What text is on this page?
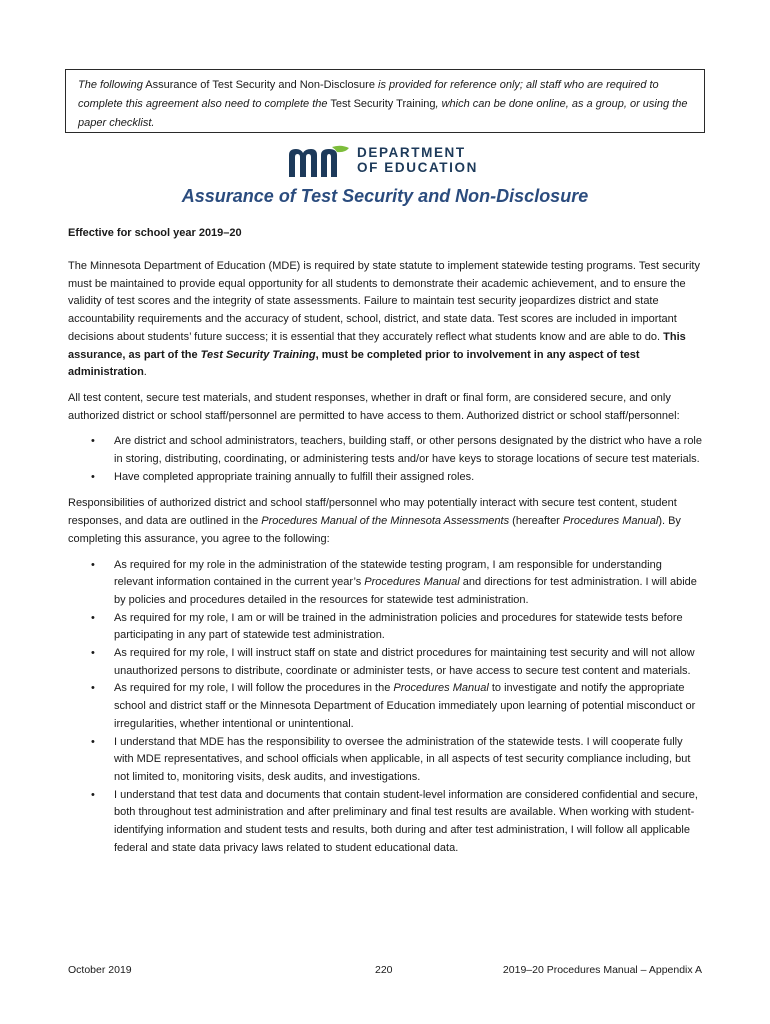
The following Assurance of Test Security and Non-Disclosure is provided for reference only; all staff who are required to complete this agreement also need to complete the Test Security Training, which can be done online, as a group, or using the paper checklist.
DEPARTMENT
OF EDUCATION
Assurance of Test Security and Non-Disclosure
Effective for school year 2019–20

The Minnesota Department of Education (MDE) is required by state statute to implement statewide testing programs. Test security must be maintained to provide equal opportunity for all students to demonstrate their academic achievement, and to ensure the validity of test scores and the integrity of state assessments. Failure to maintain test security jeopardizes district and state accountability requirements and the accuracy of student, school, district, and state data. Test scores are included in important decisions about students’ future success; it is essential that they accurately reflect what students know and are able to do. This assurance, as part of the Test Security Training, must be completed prior to involvement in any aspect of test administration.

All test content, secure test materials, and student responses, whether in draft or final form, are considered secure, and only authorized district or school staff/personnel are permitted to have access to them. Authorized district or school staff/personnel:

• Are district and school administrators, teachers, building staff, or other persons designated by the district who have a role in storing, distributing, coordinating, or administering tests and/or have keys to storage locations of secure test materials.
• Have completed appropriate training annually to fulfill their assigned roles.

Responsibilities of authorized district and school staff/personnel who may potentially interact with secure test content, student responses, and data are outlined in the Procedures Manual of the Minnesota Assessments (hereafter Procedures Manual). By completing this assurance, you agree to the following:

• As required for my role in the administration of the statewide testing program, I am responsible for understanding relevant information contained in the current year’s Procedures Manual and directions for test administration. I will abide by policies and procedures detailed in the resources for statewide test administration.
• As required for my role, I am or will be trained in the administration policies and procedures for statewide tests before participating in any part of statewide test administration.
• As required for my role, I will instruct staff on state and district procedures for maintaining test security and will not allow unauthorized persons to distribute, coordinate or administer tests, or have access to secure test content and materials.
• As required for my role, I will follow the procedures in the Procedures Manual to investigate and notify the appropriate school and district staff or the Minnesota Department of Education immediately upon learning of potential misconduct or irregularities, whether intentional or unintentional.
• I understand that MDE has the responsibility to oversee the administration of the statewide tests. I will cooperate fully with MDE representatives, and school officials when applicable, in all aspects of test security compliance including, but not limited to, monitoring visits, desk audits, and investigations.
• I understand that test data and documents that contain student-level information are considered confidential and secure, both throughout test administration and after preliminary and final test results are available. When working with student-identifying information and student tests and results, both during and after test administration, I will follow all applicable federal and state data privacy laws related to student educational data.
October 2019	220	2019–20 Procedures Manual – Appendix A
